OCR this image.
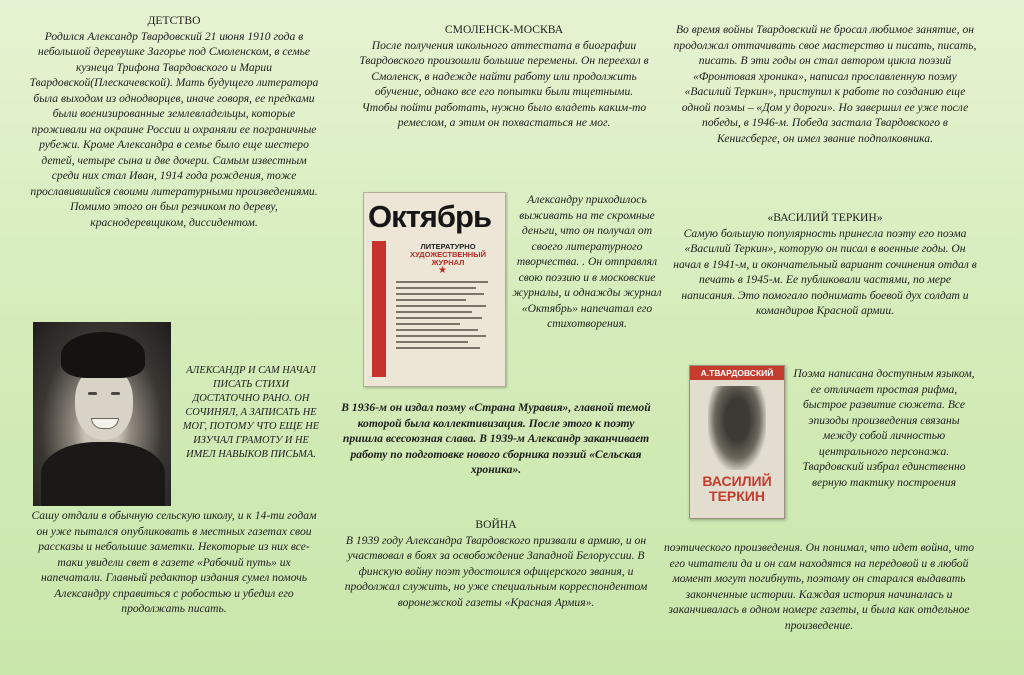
ДЕТСТВО

Родился Александр Твардовский 21 июня 1910 года в небольшой деревушке Загорье под Смоленском, в семье кузнеца Трифона Твардовского и Марии Твардовской(Плескачевской). Мать будущего литератора была выходом из однодворцев, иначе говоря, ее предками были военизированные землевладельцы, которые проживали на окраине России и охраняли ее пограничные рубежи. Кроме Александра в семье было еще шестеро детей, четыре сына и две дочери. Самым известным среди них стал Иван, 1914 года рождения, тоже прославившийся своими литературными произведениями. Помимо этого он был резчиком по дереву, краснодеревщиком, диссидентом.

АЛЕКСАНДР И САМ НАЧАЛ ПИСАТЬ СТИХИ ДОСТАТОЧНО РАНО. ОН СОЧИНЯЛ, А ЗАПИСАТЬ НЕ МОГ, ПОТОМУ ЧТО ЕЩЕ НЕ ИЗУЧАЛ ГРАМОТУ И НЕ ИМЕЛ НАВЫКОВ ПИСЬМА.
Сашу отдали в обычную сельскую школу, и к 14-ти годам он уже пытался опубликовать в местных газетах свои рассказы и небольшие заметки. Некоторые из них все-таки увидели свет в газете «Рабочий путь» их напечатали. Главный редактор издания сумел помочь Александру справиться с робостью и убедил его продолжать писать.

СМОЛЕНСК-МОСКВА

После получения школьного аттестата в биографии Твардовского произошли большие перемены. Он переехал в Смоленск, в надежде найти работу или продолжить обучение, однако все его попытки были тщетными. Чтобы пойти работать, нужно было владеть каким-то ремеслом, а этим он похвастаться не мог.

Октябрь
ЛИТЕРАТУРНО
ХУДОЖЕСТВЕННЫЙ
ЖУРНАЛ
★
Александру приходилось выживать на те скромные деньги, что он получал от своего литературного творчества. . Он отправлял свою поэзию и в московские журналы, и однажды журнал «Октябрь» напечатал его стихотворения.
В 1936-м он издал поэму «Страна Муравия», главной темой которой была коллективизация. После этого к поэту пришла всесоюзная слава. В 1939-м Александр заканчивает работу по подготовке нового сборника поэзий «Сельская хроника».

ВОЙНА

В 1939 году Александра Твардовского призвали в армию, и он участвовал в боях за освобождение Западной Белоруссии. В финскую войну поэт удостоился офицерского звания, и продолжал служить, но уже специальным корреспондентом воронежской газеты «Красная Армия».

Во время войны Твардовский не бросал любимое занятие, он продолжал оттачивать свое мастерство и писать, писать, писать. В эти годы он стал автором цикла поэзий «Фронтовая хроника», написал прославленную поэму «Василий Теркин», приступил к работе по созданию еще одной поэмы – «Дом у дороги». Но завершил ее уже после победы, в 1946-м. Победа застала Твардовского в Кенигсберге, он имел звание подполковника.

«ВАСИЛИЙ ТЕРКИН»

Самую большую популярность принесла поэту его поэма «Василий Теркин», которую он писал в военные годы. Он начал в 1941-м, и окончательный вариант сочинения отдал в печать в 1945-м. Ее публиковали частями, по мере написания. Это помогало поднимать боевой дух солдат и командиров Красной армии.

А.ТВАРДОВСКИЙ
ВАСИЛИЙ ТЕРКИН
Поэма написана доступным языком, ее отличает простая рифма, быстрое развитие сюжета. Все эпизоды произведения связаны между собой личностью центрального персонажа. Твардовский избрал единственно верную тактику построения
поэтического произведения. Он понимал, что идет война, что его читатели да и он сам находятся на передовой и в любой момент могут погибнуть, поэтому он старался выдавать законченные истории. Каждая история начиналась и заканчивалась в одном номере газеты, и была как отдельное произведение.
